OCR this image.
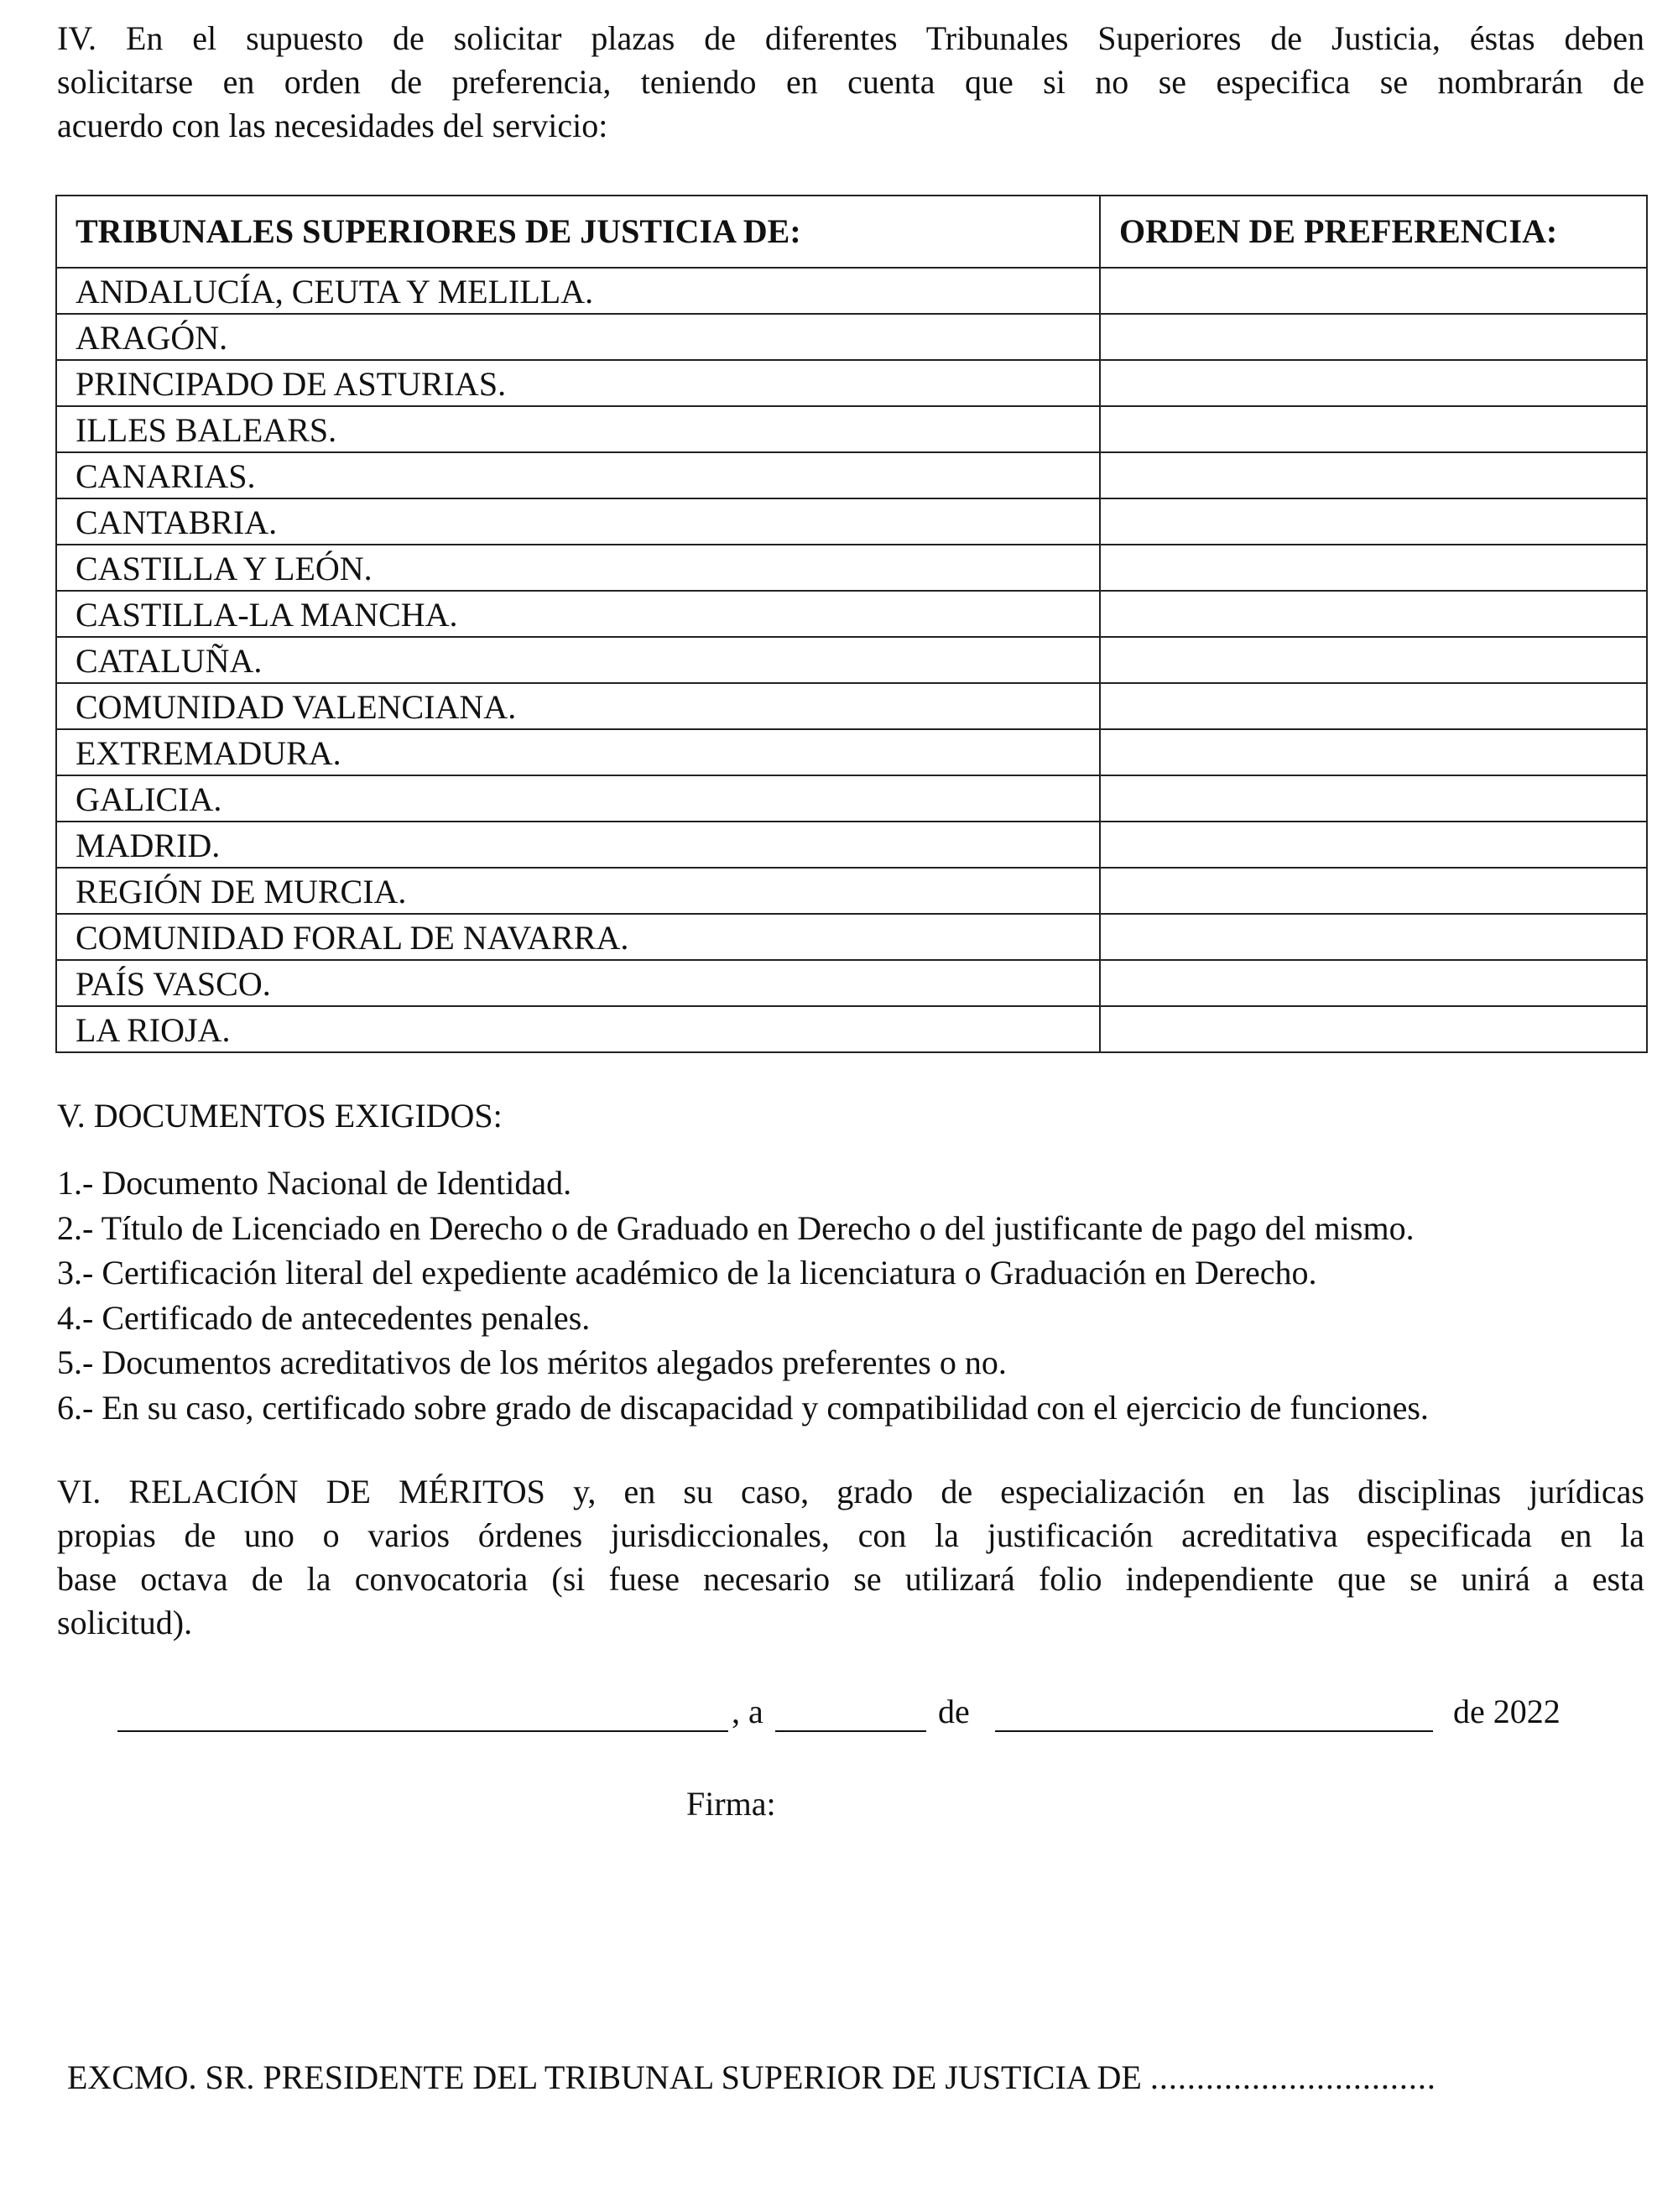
IV. En el supuesto de solicitar plazas de diferentes Tribunales Superiores de Justicia, éstas deben
solicitarse en orden de preferencia, teniendo en cuenta que si no se especifica se nombrarán de
acuerdo con las necesidades del servicio:
TRIBUNALES SUPERIORES DE JUSTICIA DE:	ORDEN DE PREFERENCIA:
ANDALUCÍA, CEUTA Y MELILLA.	
ARAGÓN.	
PRINCIPADO DE ASTURIAS.	
ILLES BALEARS.	
CANARIAS.	
CANTABRIA.	
CASTILLA Y LEÓN.	
CASTILLA-LA MANCHA.	
CATALUÑA.	
COMUNIDAD VALENCIANA.	
EXTREMADURA.	
GALICIA.	
MADRID.	
REGIÓN DE MURCIA.	
COMUNIDAD FORAL DE NAVARRA.	
PAÍS VASCO.	
LA RIOJA.	
V. DOCUMENTOS EXIGIDOS:
1.- Documento Nacional de Identidad.
2.- Título de Licenciado en Derecho o de Graduado en Derecho o del justificante de pago del mismo.
3.- Certificación literal del expediente académico de la licenciatura o Graduación en Derecho.
4.- Certificado de antecedentes penales.
5.- Documentos acreditativos de los méritos alegados preferentes o no.
6.- En su caso, certificado sobre grado de discapacidad y compatibilidad con el ejercicio de funciones.
VI. RELACIÓN DE MÉRITOS y, en su caso, grado de especialización en las disciplinas jurídicas
propias de uno o varios órdenes jurisdiccionales, con la justificación acreditativa especificada en la
base octava de la convocatoria (si fuese necesario se utilizará folio independiente que se unirá a esta
solicitud).
, a	de	de 2022
Firma:
EXCMO. SR. PRESIDENTE DEL TRIBUNAL SUPERIOR DE JUSTICIA DE ...............................
